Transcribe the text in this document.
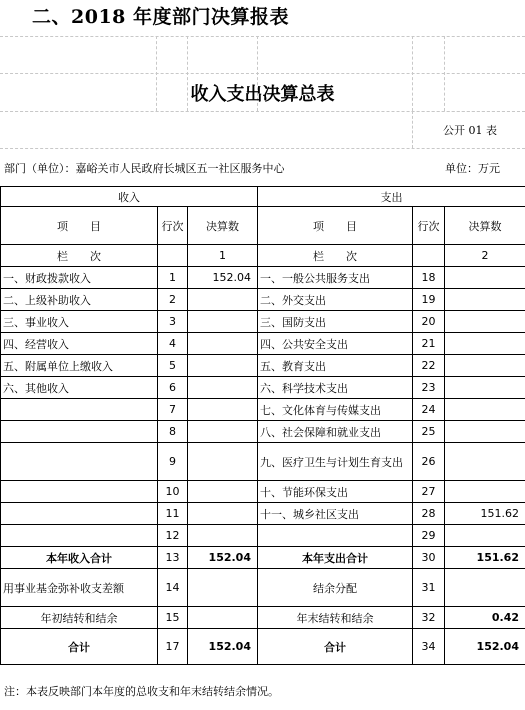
二、2018 年度部门决算报表
收入支出决算总表
公开 01 表
部门（单位）：嘉峪关市人民政府长城区五一社区服务中心	单位：万元
收入			支出		
项　　目	行次	决算数	项　　目	行次	决算数
栏　　次		1	栏　　次		2
一、财政拨款收入	1	152.04	一、一般公共服务支出	18	
二、上级补助收入	2		二、外交支出	19	
三、事业收入	3		三、国防支出	20	
四、经营收入	4		四、公共安全支出	21	
五、附属单位上缴收入	5		五、教育支出	22	
六、其他收入	6		六、科学技术支出	23	
	7		七、文化体育与传媒支出	24	
	8		八、社会保障和就业支出	25	
	9		九、医疗卫生与计划生育支出	26	
	10		十、节能环保支出	27	
	11		十一、城乡社区支出	28	151.62
	12			29	
本年收入合计	13	152.04	本年支出合计	30	151.62
用事业基金弥补收支差额	14		结余分配	31	
年初结转和结余	15		年末结转和结余	32	0.42
合计	17	152.04	合计	34	152.04
注：本表反映部门本年度的总收支和年末结转结余情况。
